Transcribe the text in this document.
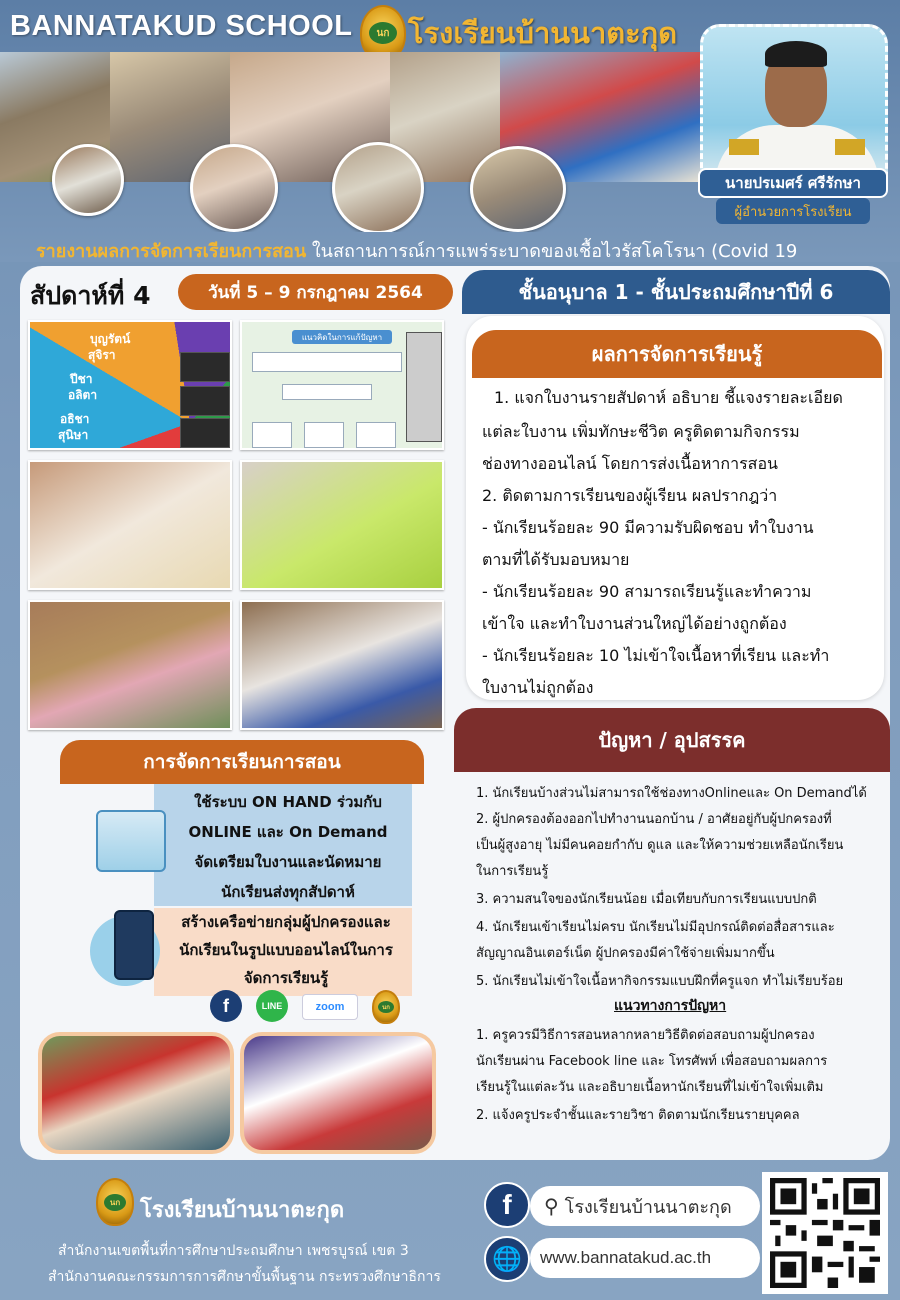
BANNATAKUD SCHOOL	นก โรงเรียนบ้านนาตะกุด
นายปรเมศร์ ศรีรักษา
ผู้อำนวยการโรงเรียน
รายงานผลการจัดการเรียนการสอน ในสถานการณ์การแพร่ระบาดของเชื้อไวรัสโคโรนา (Covid 19
สัปดาห์ที่ 4	วันที่ 5 – 9 กรกฎาคม 2564	ชั้นอนุบาล 1 - ชั้นประถมศึกษาปีที่ 6
บุญรัตน์
สุจิรา
ปีชา
อลิตา
อธิชา
สุนิษา
แนวคิดในการแก้ปัญหา
ผลการจัดการเรียนรู้
1. แจกใบงานรายสัปดาห์ อธิบาย ชี้แจงรายละเอียด
แต่ละใบงาน เพิ่มทักษะชีวิต ครูติดตามกิจกรรม
ช่องทางออนไลน์ โดยการส่งเนื้อหาการสอน
2. ติดตามการเรียนของผู้เรียน ผลปรากฎว่า
- นักเรียนร้อยละ 90 มีความรับผิดชอบ ทำใบงาน
ตามที่ได้รับมอบหมาย
- นักเรียนร้อยละ 90 สามารถเรียนรู้และทำความ
เข้าใจ และทำใบงานส่วนใหญ่ได้อย่างถูกต้อง
- นักเรียนร้อยละ 10 ไม่เข้าใจเนื้อหาที่เรียน และทำ
ใบงานไม่ถูกต้อง
ปัญหา / อุปสรรค
1. นักเรียนบ้างส่วนไม่สามารถใช้ช่องทางOnlineและ On Demandได้
2. ผู้ปกครองต้องออกไปทำงานนอกบ้าน / อาศัยอยู่กับผู้ปกครองที่
เป็นผู้สูงอายุ ไม่มีคนคอยกำกับ ดูแล และให้ความช่วยเหลือนักเรียน
ในการเรียนรู้
3. ความสนใจของนักเรียนน้อย เมื่อเทียบกับการเรียนแบบปกติ
4. นักเรียนเข้าเรียนไม่ครบ นักเรียนไม่มีอุปกรณ์ติดต่อสื่อสารและ
สัญญาณอินเตอร์เน็ต ผู้ปกครองมีค่าใช้จ่ายเพิ่มมากขึ้น
5. นักเรียนไม่เข้าใจเนื้อหากิจกรรมแบบฝึกที่ครูแจก ทำไม่เรียบร้อย
แนวทางการปัญหา
1. ครูควรมีวิธีการสอนหลากหลายวิธีติดต่อสอบถามผู้ปกครอง
นักเรียนผ่าน Facebook line และ โทรศัพท์ เพื่อสอบถามผลการ
เรียนรู้ในแต่ละวัน และอธิบายเนื้อหานักเรียนที่ไม่เข้าใจเพิ่มเติม
2. แจ้งครูประจำชั้นและรายวิชา ติดตามนักเรียนรายบุคคล
การจัดการเรียนการสอน
ใช้ระบบ ON HAND ร่วมกับ
ONLINE และ On Demand
จัดเตรียมใบงานและนัดหมาย
นักเรียนส่งทุกสัปดาห์
สร้างเครือข่ายกลุ่มผู้ปกครองและ
นักเรียนในรูปแบบออนไลน์ในการ
จัดการเรียนรู้
f	LINE	zoom	นก
นก โรงเรียนบ้านนาตะกุด
สำนักงานเขตพื้นที่การศึกษาประถมศึกษา เพชรบูรณ์ เขต 3
สำนักงานคณะกรรมการการศึกษาขั้นพื้นฐาน กระทรวงศึกษาธิการ
f	⚲ โรงเรียนบ้านนาตะกุด
🌐	www.bannatakud.ac.th
